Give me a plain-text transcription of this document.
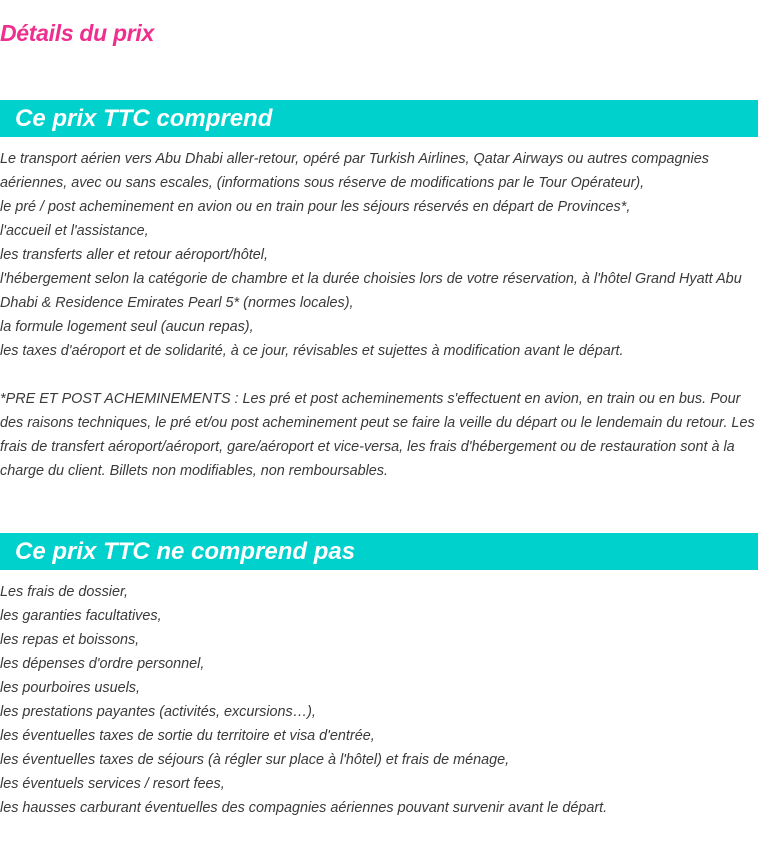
Détails du prix
Ce prix TTC comprend
Le transport aérien vers Abu Dhabi aller-retour, opéré par Turkish Airlines, Qatar Airways ou autres compagnies aériennes, avec ou sans escales, (informations sous réserve de modifications par le Tour Opérateur),
le pré / post acheminement en avion ou en train pour les séjours réservés en départ de Provinces*,
l'accueil et l'assistance,
les transferts aller et retour aéroport/hôtel,
l'hébergement selon la catégorie de chambre et la durée choisies lors de votre réservation, à l'hôtel Grand Hyatt Abu Dhabi & Residence Emirates Pearl 5* (normes locales),
la formule logement seul (aucun repas),
les taxes d'aéroport et de solidarité, à ce jour, révisables et sujettes à modification avant le départ.
*PRE ET POST ACHEMINEMENTS : Les pré et post acheminements s'effectuent en avion, en train ou en bus. Pour des raisons techniques, le pré et/ou post acheminement peut se faire la veille du départ ou le lendemain du retour. Les frais de transfert aéroport/aéroport, gare/aéroport et vice-versa, les frais d'hébergement ou de restauration sont à la charge du client. Billets non modifiables, non remboursables.
Ce prix TTC ne comprend pas
Les frais de dossier,
les garanties facultatives,
les repas et boissons,
les dépenses d'ordre personnel,
les pourboires usuels,
les prestations payantes (activités, excursions…),
les éventuelles taxes de sortie du territoire et visa d'entrée,
les éventuelles taxes de séjours (à régler sur place à l'hôtel) et frais de ménage,
les éventuels services / resort fees,
les hausses carburant éventuelles des compagnies aériennes pouvant survenir avant le départ.
